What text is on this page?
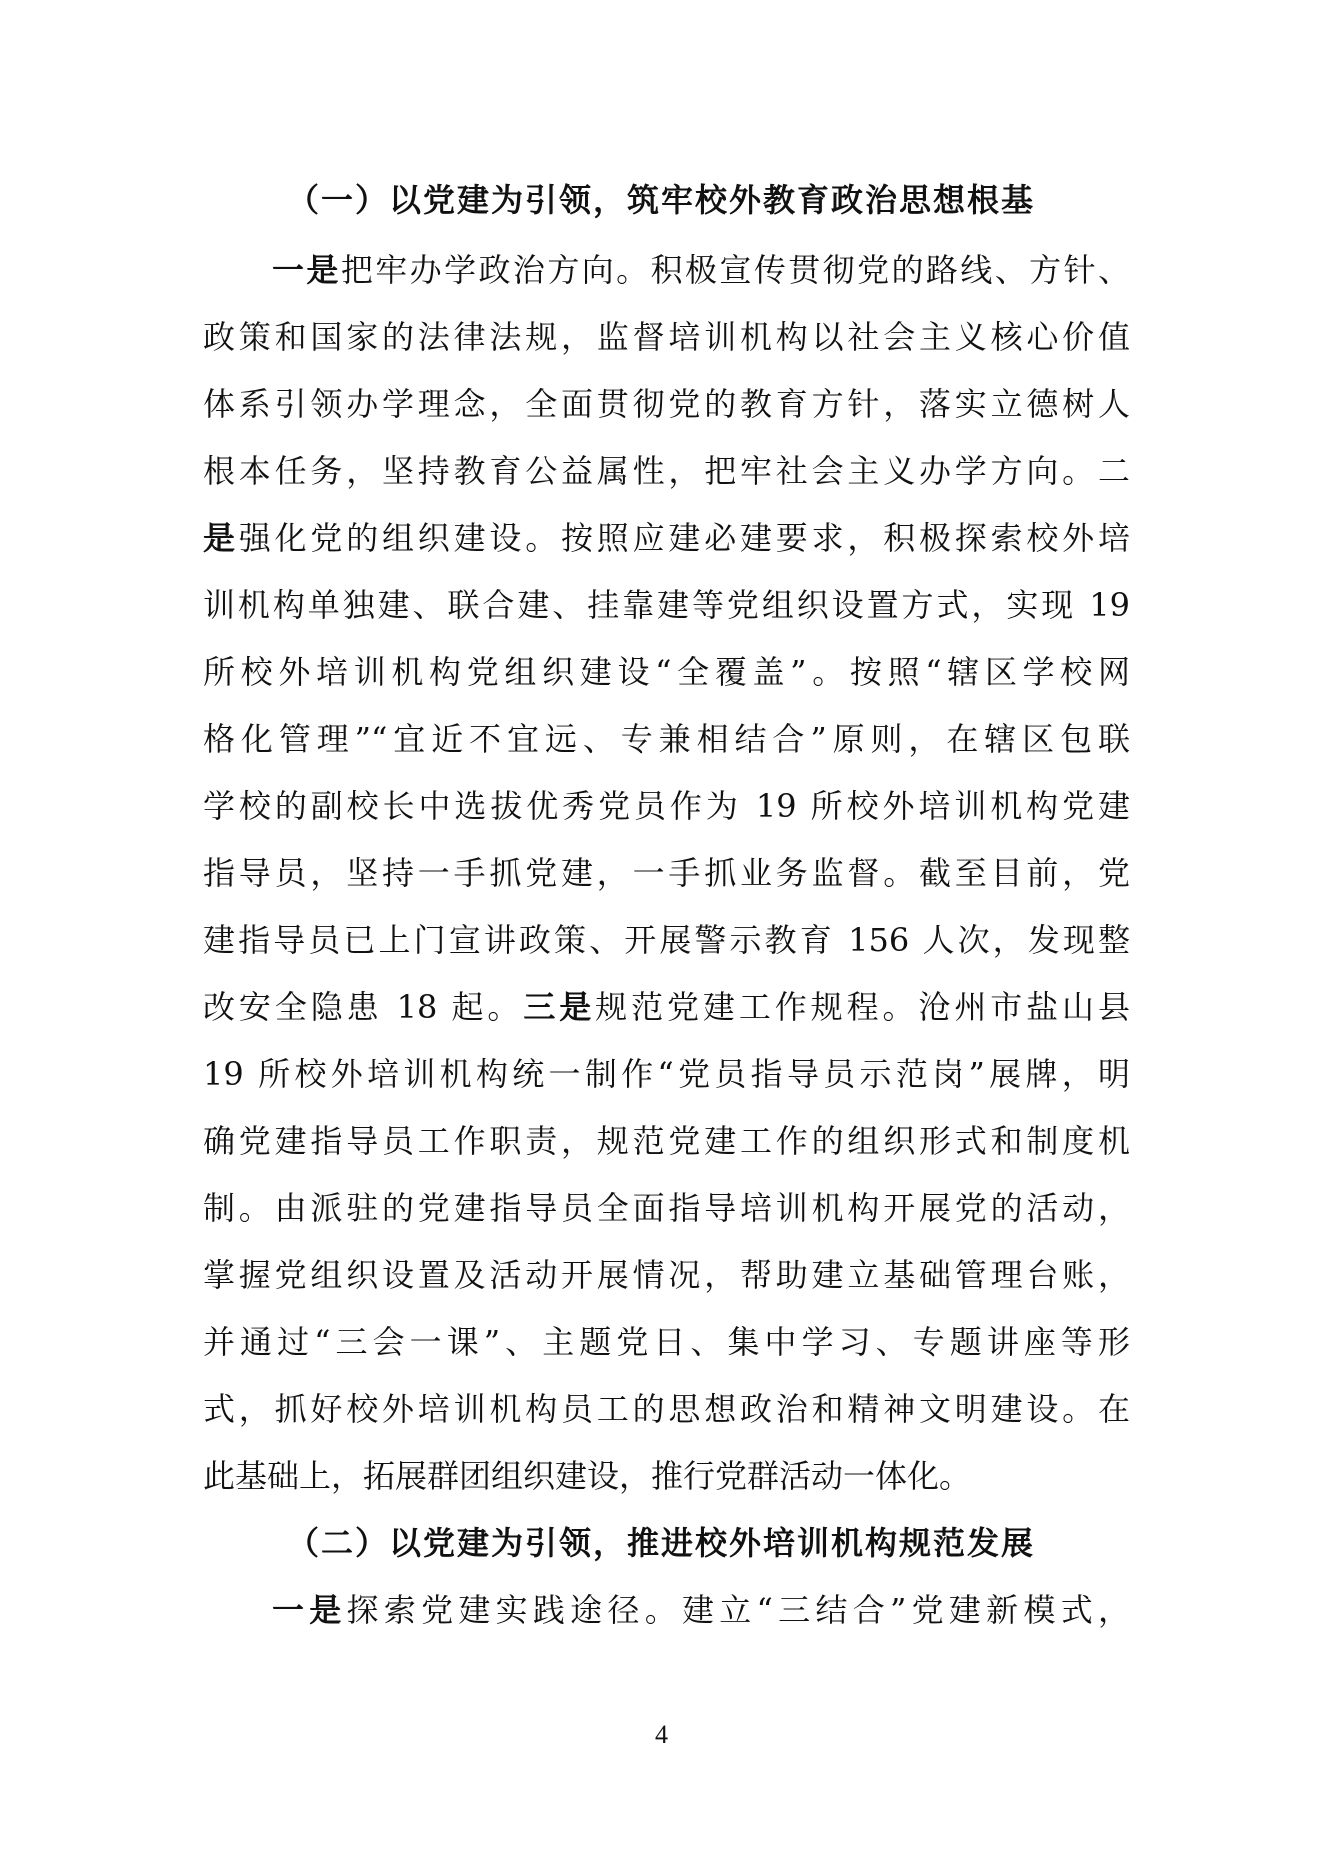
（一）以党建为引领，筑牢校外教育政治思想根基
一是把牢办学政治方向。积极宣传贯彻党的路线、方针、
政策和国家的法律法规，监督培训机构以社会主义核心价值
体系引领办学理念，全面贯彻党的教育方针，落实立德树人
根本任务，坚持教育公益属性，把牢社会主义办学方向。二
是强化党的组织建设。按照应建必建要求，积极探索校外培
训机构单独建、联合建、挂靠建等党组织设置方式，实现 19
所校外培训机构党组织建设“全覆盖”。按照“辖区学校网
格化管理”“宜近不宜远、专兼相结合”原则，在辖区包联
学校的副校长中选拔优秀党员作为 19 所校外培训机构党建
指导员，坚持一手抓党建，一手抓业务监督。截至目前，党
建指导员已上门宣讲政策、开展警示教育 156 人次，发现整
改安全隐患 18 起。三是规范党建工作规程。沧州市盐山县
19 所校外培训机构统一制作“党员指导员示范岗”展牌，明
确党建指导员工作职责，规范党建工作的组织形式和制度机
制。由派驻的党建指导员全面指导培训机构开展党的活动，
掌握党组织设置及活动开展情况，帮助建立基础管理台账，
并通过“三会一课”、主题党日、集中学习、专题讲座等形
式，抓好校外培训机构员工的思想政治和精神文明建设。在
此基础上，拓展群团组织建设，推行党群活动一体化。
（二）以党建为引领，推进校外培训机构规范发展
一是探索党建实践途径。建立“三结合”党建新模式，
4
